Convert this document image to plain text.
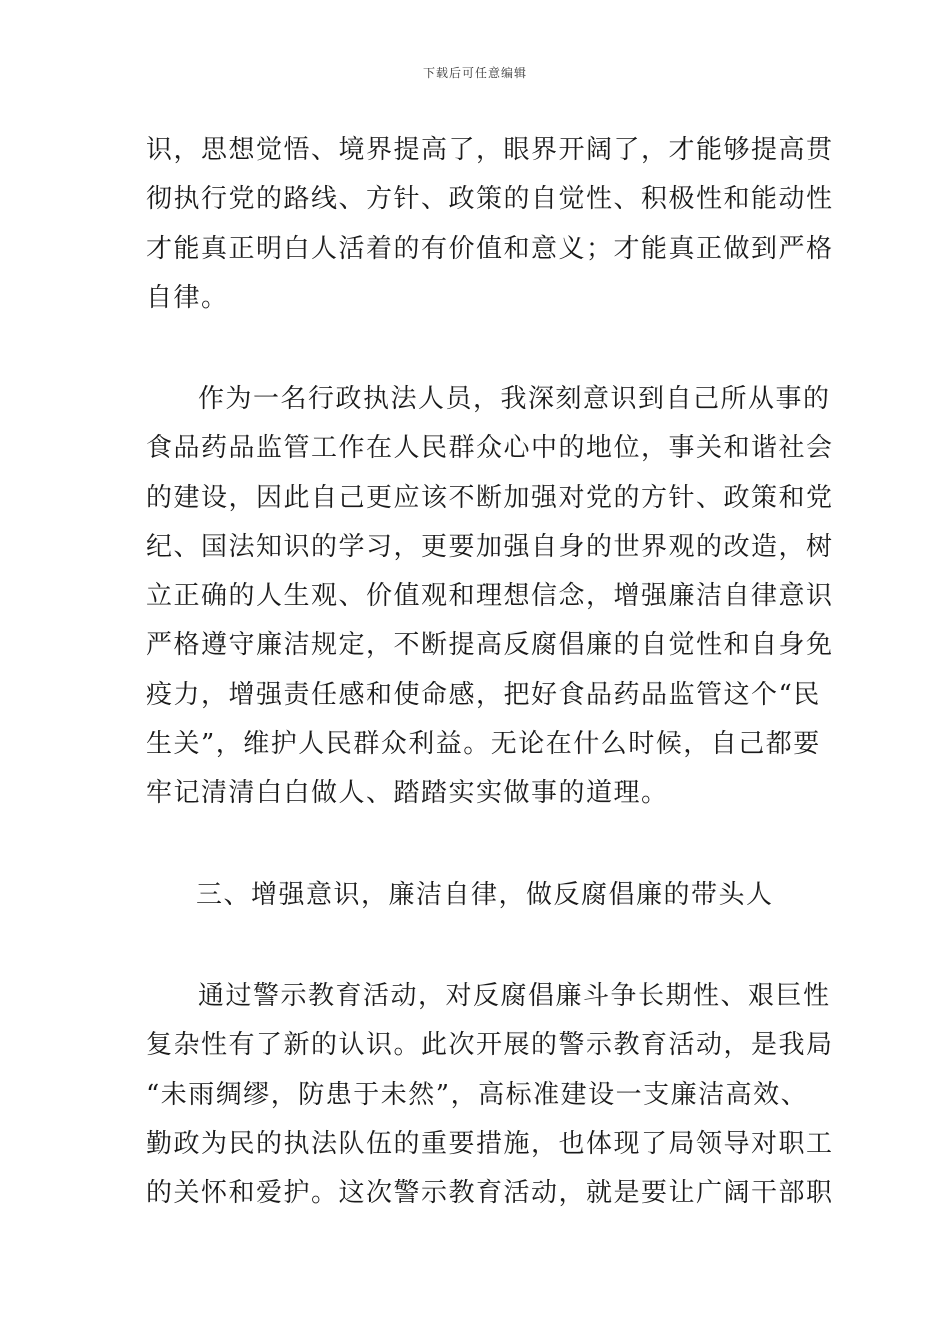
下载后可任意编辑
识，思想觉悟、境界提高了，眼界开阔了，才能够提高贯
彻执行党的路线、方针、政策的自觉性、积极性和能动性
才能真正明白人活着的有价值和意义；才能真正做到严格
自律。
作为一名行政执法人员，我深刻意识到自己所从事的
食品药品监管工作在人民群众心中的地位，事关和谐社会
的建设，因此自己更应该不断加强对党的方针、政策和党
纪、国法知识的学习，更要加强自身的世界观的改造，树
立正确的人生观、价值观和理想信念，增强廉洁自律意识
严格遵守廉洁规定，不断提高反腐倡廉的自觉性和自身免
疫力，增强责任感和使命感，把好食品药品监管这个“民
生关”，维护人民群众利益。无论在什么时候，自己都要
牢记清清白白做人、踏踏实实做事的道理。
三、增强意识，廉洁自律，做反腐倡廉的带头人
通过警示教育活动，对反腐倡廉斗争长期性、艰巨性
复杂性有了新的认识。此次开展的警示教育活动，是我局
“未雨绸缪，防患于未然”，高标准建设一支廉洁高效、
勤政为民的执法队伍的重要措施，也体现了局领导对职工
的关怀和爱护。这次警示教育活动，就是要让广阔干部职
